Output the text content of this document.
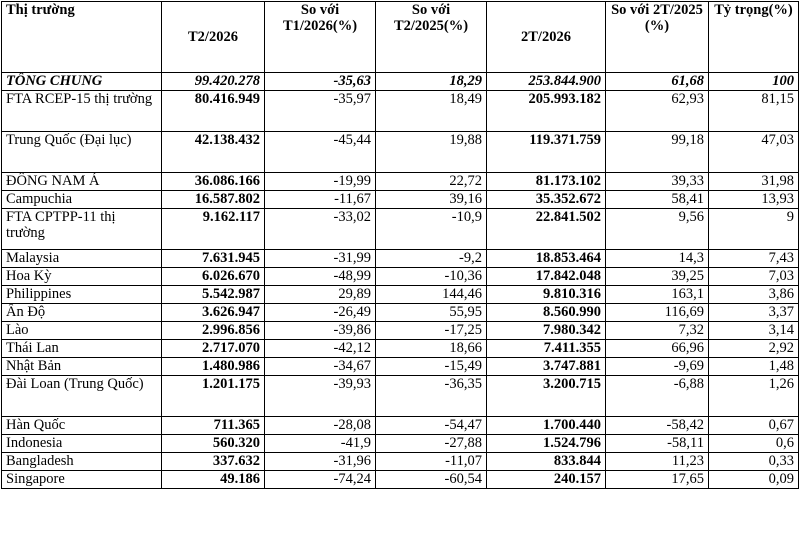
Thị trường	T2/2026	So với T1/2026(%)	So với T2/2025(%)	2T/2026	So với 2T/2025 (%)	Tỷ trọng(%)
TỔNG CHUNG	99.420.278	-35,63	18,29	253.844.900	61,68	100
FTA RCEP-15 thị trường	80.416.949	-35,97	18,49	205.993.182	62,93	81,15
Trung Quốc (Đại lục)	42.138.432	-45,44	19,88	119.371.759	99,18	47,03
ĐÔNG NAM Á	36.086.166	-19,99	22,72	81.173.102	39,33	31,98
Campuchia	16.587.802	-11,67	39,16	35.352.672	58,41	13,93
FTA CPTPP-11 thị trường	9.162.117	-33,02	-10,9	22.841.502	9,56	9
Malaysia	7.631.945	-31,99	-9,2	18.853.464	14,3	7,43
Hoa Kỳ	6.026.670	-48,99	-10,36	17.842.048	39,25	7,03
Philippines	5.542.987	29,89	144,46	9.810.316	163,1	3,86
Ấn Độ	3.626.947	-26,49	55,95	8.560.990	116,69	3,37
Lào	2.996.856	-39,86	-17,25	7.980.342	7,32	3,14
Thái Lan	2.717.070	-42,12	18,66	7.411.355	66,96	2,92
Nhật Bản	1.480.986	-34,67	-15,49	3.747.881	-9,69	1,48
Đài Loan (Trung Quốc)	1.201.175	-39,93	-36,35	3.200.715	-6,88	1,26
Hàn Quốc	711.365	-28,08	-54,47	1.700.440	-58,42	0,67
Indonesia	560.320	-41,9	-27,88	1.524.796	-58,11	0,6
Bangladesh	337.632	-31,96	-11,07	833.844	11,23	0,33
Singapore	49.186	-74,24	-60,54	240.157	17,65	0,09
